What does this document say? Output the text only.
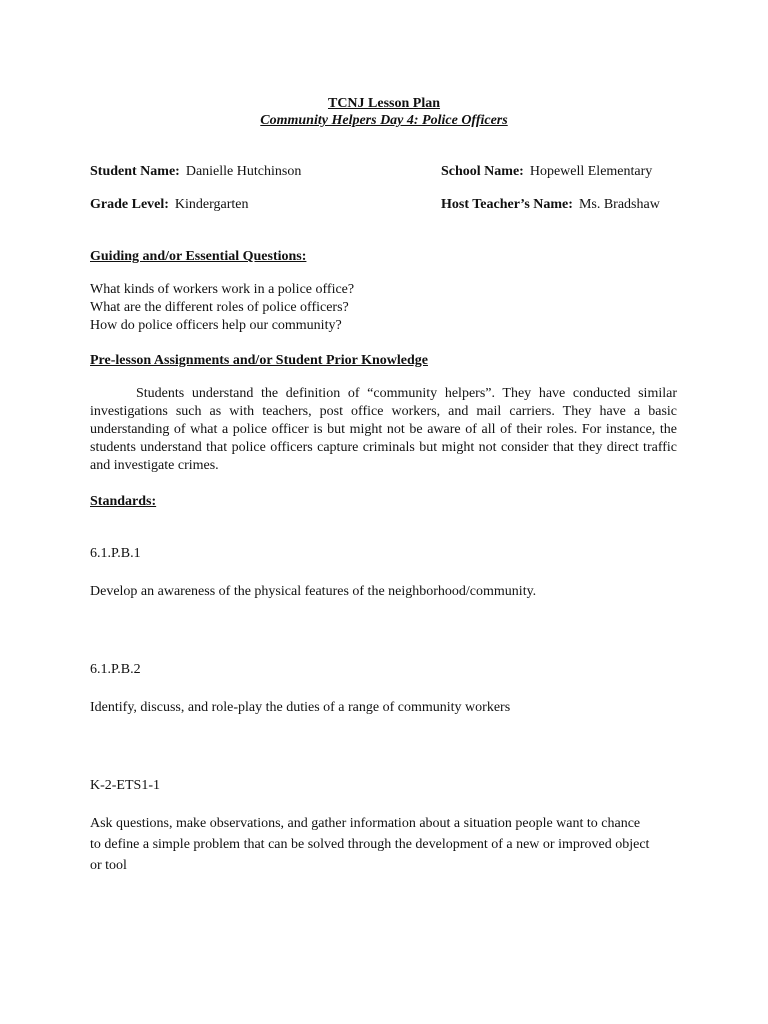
TCNJ Lesson Plan
Community Helpers Day 4: Police Officers
Student Name: Danielle Hutchinson	School Name: Hopewell Elementary
Grade Level: Kindergarten	Host Teacher’s Name: Ms. Bradshaw
Guiding and/or Essential Questions:
What kinds of workers work in a police office?
What are the different roles of police officers?
How do police officers help our community?
Pre-lesson Assignments and/or Student Prior Knowledge

Students understand the definition of “community helpers”. They have conducted similar investigations such as with teachers, post office workers, and mail carriers. They have a basic understanding of what a police officer is but might not be aware of all of their roles. For instance, the students understand that police officers capture criminals but might not consider that they direct traffic and investigate crimes.

Standards:
6.1.P.B.1
Develop an awareness of the physical features of the neighborhood/community.
6.1.P.B.2
Identify, discuss, and role-play the duties of a range of community workers
K-2-ETS1-1

Ask questions, make observations, and gather information about a situation people want to chance to define a simple problem that can be solved through the development of a new or improved object or tool
